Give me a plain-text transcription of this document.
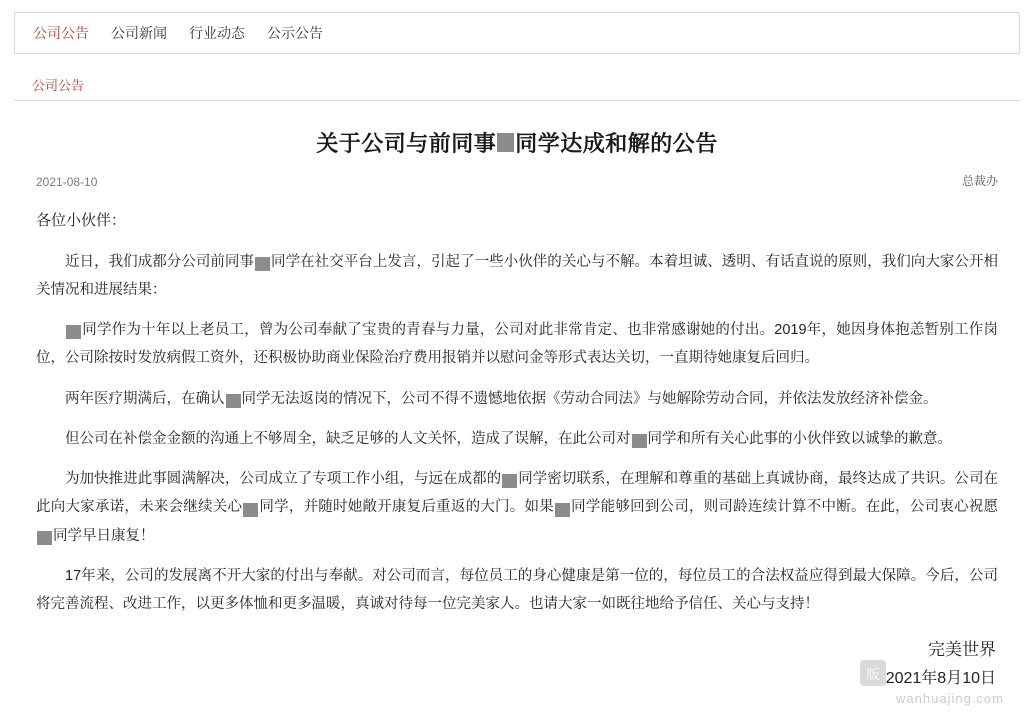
公司公告 公司新闻 行业动态 公示公告
公司公告
关于公司与前同事 同学达成和解的公告
2021-08-10	总裁办
各位小伙伴：

近日，我们成都分公司前同事 同学在社交平台上发言，引起了一些小伙伴的关心与不解。本着坦诚、透明、有话直说的原则，我们向大家公开相关情况和进展结果：

同学作为十年以上老员工，曾为公司奉献了宝贵的青春与力量，公司对此非常肯定、也非常感谢她的付出。2019年，她因身体抱恙暂别工作岗位，公司除按时发放病假工资外，还积极协助商业保险治疗费用报销并以慰问金等形式表达关切，一直期待她康复后回归。

两年医疗期满后，在确认 同学无法返岗的情况下，公司不得不遗憾地依据《劳动合同法》与她解除劳动合同，并依法发放经济补偿金。

但公司在补偿金金额的沟通上不够周全，缺乏足够的人文关怀，造成了误解，在此公司对 同学和所有关心此事的小伙伴致以诚挚的歉意。

为加快推进此事圆满解决，公司成立了专项工作小组，与远在成都的 同学密切联系，在理解和尊重的基础上真诚协商，最终达成了共识。公司在此向大家承诺，未来会继续关心 同学，并随时她敞开康复后重返的大门。如果 同学能够回到公司，则司龄连续计算不中断。在此，公司衷心祝愿同学早日康复！

17年来，公司的发展离不开大家的付出与奉献。对公司而言，每位员工的身心健康是第一位的，每位员工的合法权益应得到最大保障。今后，公司将完善流程、改进工作，以更多体恤和更多温暖，真诚对待每一位完美家人。也请大家一如既往地给予信任、关心与支持！

完美世界
2021年8月10日
版
wanhuajing.com
